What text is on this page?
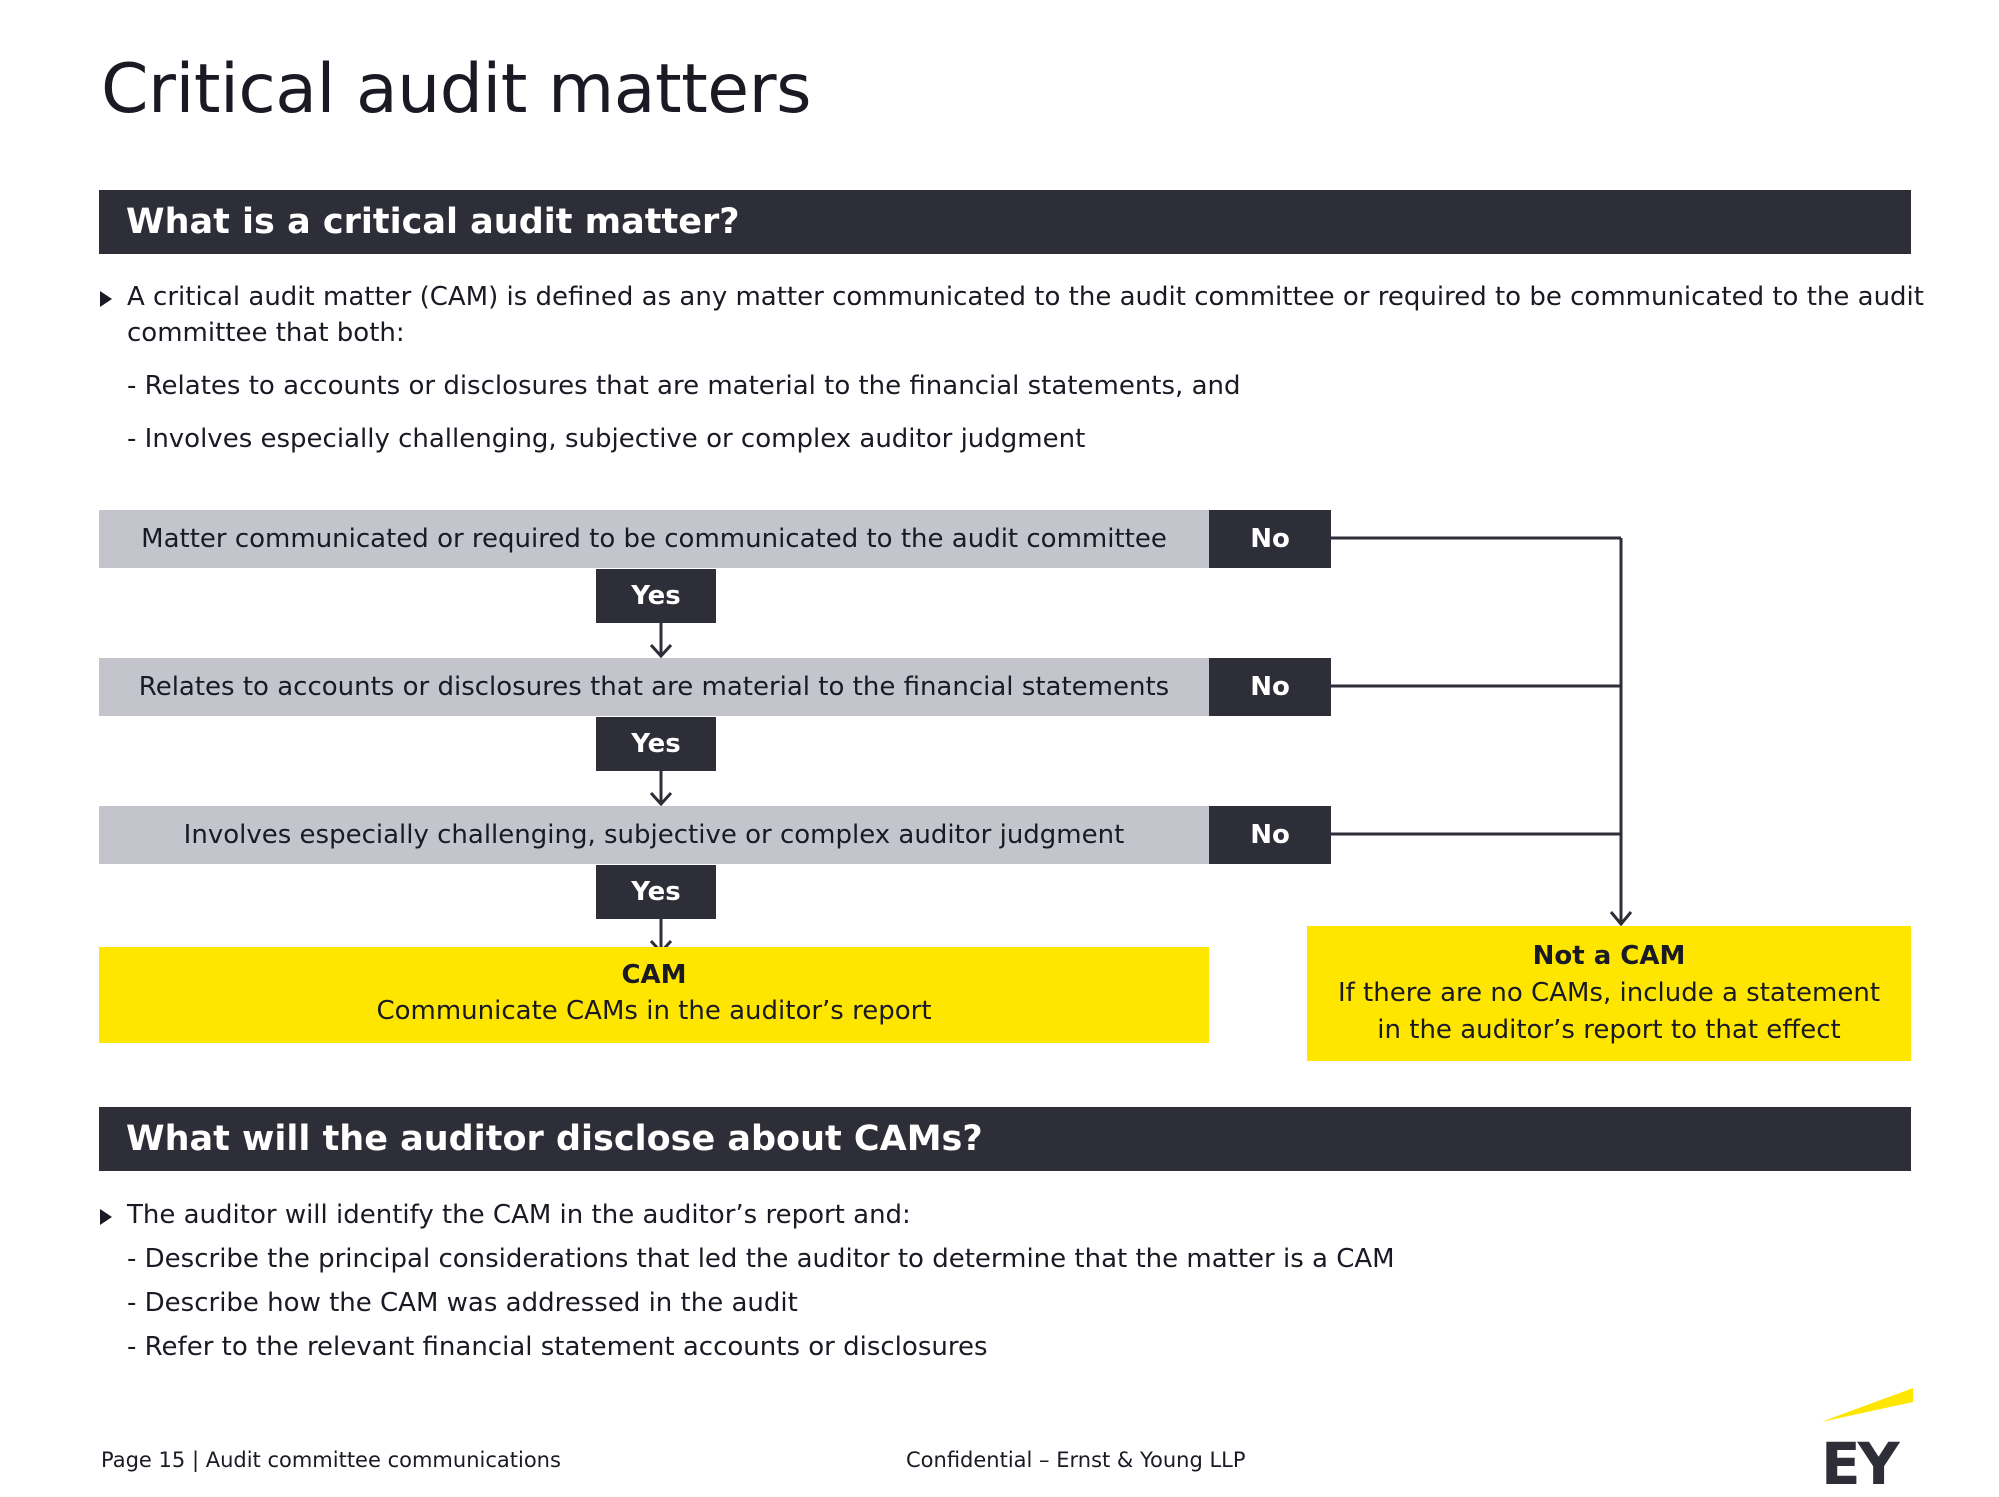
Critical audit matters
What is a critical audit matter?
A critical audit matter (CAM) is defined as any matter communicated to the audit committee or required to be communicated to the audit
committee that both:
- Relates to accounts or disclosures that are material to the financial statements, and
- Involves especially challenging, subjective or complex auditor judgment
Matter communicated or required to be communicated to the audit committee	No
Yes
Relates to accounts or disclosures that are material to the financial statements	No
Yes
Involves especially challenging, subjective or complex auditor judgment	No
Yes
CAM
Communicate CAMs in the auditor’s report
Not a CAM
If there are no CAMs, include a statement
in the auditor’s report to that effect
What will the auditor disclose about CAMs?
The auditor will identify the CAM in the auditor’s report and:
- Describe the principal considerations that led the auditor to determine that the matter is a CAM
- Describe how the CAM was addressed in the audit
- Refer to the relevant financial statement accounts or disclosures
Page 15 | Audit committee communications	Confidential – Ernst & Young LLP	EY
